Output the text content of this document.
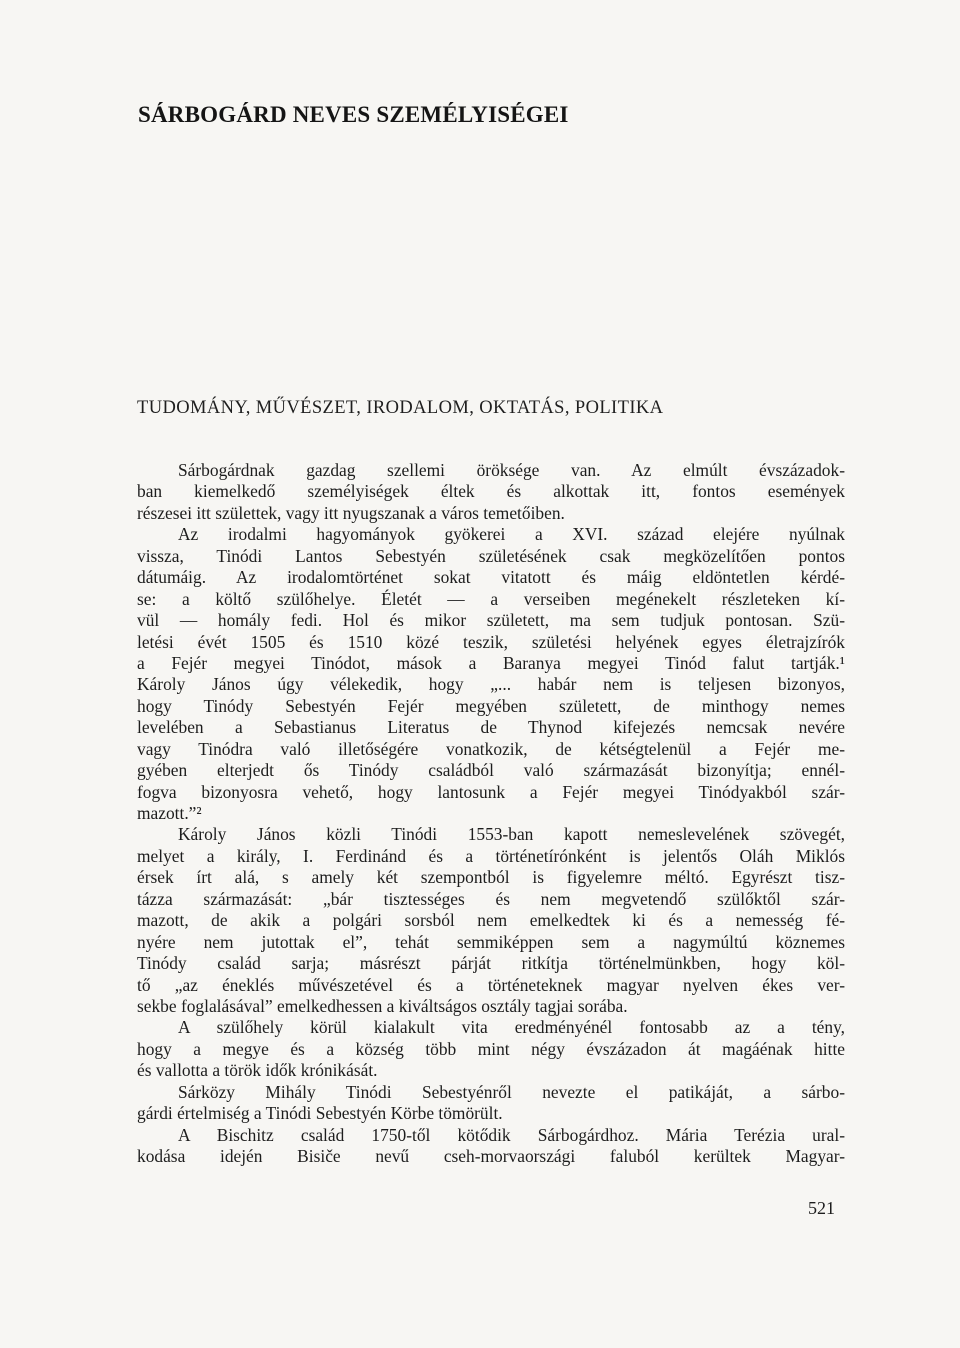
SÁRBOGÁRD NEVES SZEMÉLYISÉGEI
TUDOMÁNY, MŰVÉSZET, IRODALOM, OKTATÁS, POLITIKA
Sárbogárdnak gazdag szellemi öröksége van. Az elmúlt évszázadok-
ban kiemelkedő személyiségek éltek és alkottak itt, fontos események
részesei itt születtek, vagy itt nyugszanak a város temetőiben.
Az irodalmi hagyományok gyökerei a XVI. század elejére nyúlnak
vissza, Tinódi Lantos Sebestyén születésének csak megközelítően pontos
dátumáig. Az irodalomtörténet sokat vitatott és máig eldöntetlen kérdé-
se: a költő szülőhelye. Életét — a verseiben megénekelt részleteken kí-
vül — homály fedi. Hol és mikor született, ma sem tudjuk pontosan. Szü-
letési évét 1505 és 1510 közé teszik, születési helyének egyes életrajzírók
a Fejér megyei Tinódot, mások a Baranya megyei Tinód falut tartják.¹
Károly János úgy vélekedik, hogy „... habár nem is teljesen bizonyos,
hogy Tinódy Sebestyén Fejér megyében született, de minthogy nemes
levelében a Sebastianus Literatus de Thynod kifejezés nemcsak nevére
vagy Tinódra való illetőségére vonatkozik, de kétségtelenül a Fejér me-
gyében elterjedt ős Tinódy családból való származását bizonyítja; ennél-
fogva bizonyosra vehető, hogy lantosunk a Fejér megyei Tinódyakból szár-
mazott.”²
Károly János közli Tinódi 1553-ban kapott nemeslevelének szövegét,
melyet a király, I. Ferdinánd és a történetírónként is jelentős Oláh Miklós
érsek írt alá, s amely két szempontból is figyelemre méltó. Egyrészt tisz-
tázza származását: „bár tisztességes és nem megvetendő szülőktől szár-
mazott, de akik a polgári sorsból nem emelkedtek ki és a nemesség fé-
nyére nem jutottak el”, tehát semmiképpen sem a nagymúltú köznemes
Tinódy család sarja; másrészt párját ritkítja történelmünkben, hogy köl-
tő „az éneklés művészetével és a történeteknek magyar nyelven ékes ver-
sekbe foglalásával” emelkedhessen a kiváltságos osztály tagjai sorába.
A szülőhely körül kialakult vita eredményénél fontosabb az a tény,
hogy a megye és a község több mint négy évszázadon át magáénak hitte
és vallotta a török idők krónikását.
Sárközy Mihály Tinódi Sebestyénről nevezte el patikáját, a sárbo-
gárdi értelmiség a Tinódi Sebestyén Körbe tömörült.
A Bischitz család 1750-től kötődik Sárbogárdhoz. Mária Terézia ural-
kodása idején Bisiče nevű cseh-morvaországi faluból kerültek Magyar-
521
